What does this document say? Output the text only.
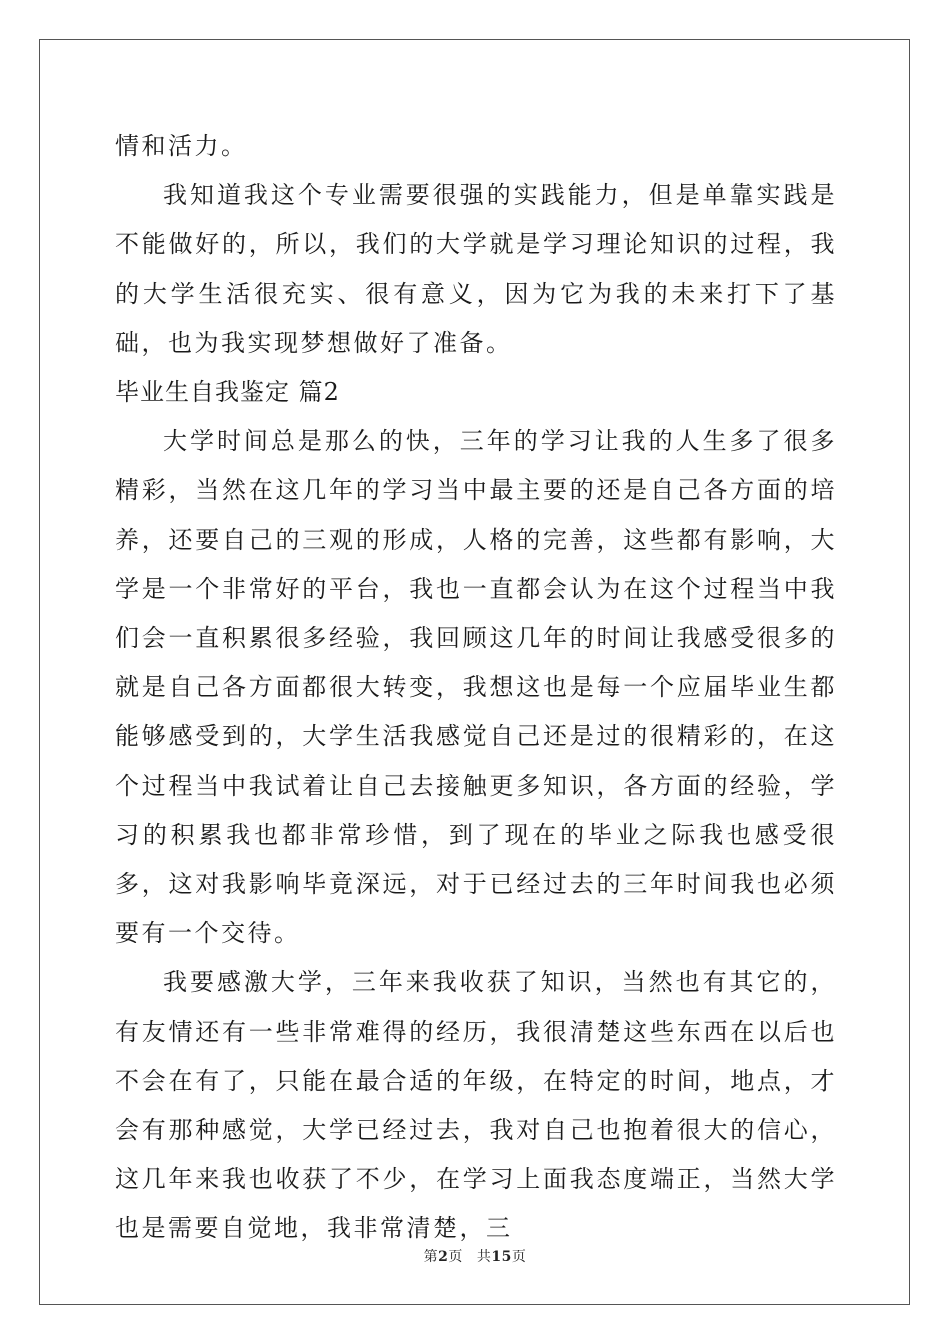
情和活力。

我知道我这个专业需要很强的实践能力，但是单靠实践是不能做好的，所以，我们的大学就是学习理论知识的过程，我的大学生活很充实、很有意义，因为它为我的未来打下了基础，也为我实现梦想做好了准备。

毕业生自我鉴定 篇2

大学时间总是那么的快，三年的学习让我的人生多了很多精彩，当然在这几年的学习当中最主要的还是自己各方面的培养，还要自己的三观的形成，人格的完善，这些都有影响，大学是一个非常好的平台，我也一直都会认为在这个过程当中我们会一直积累很多经验，我回顾这几年的时间让我感受很多的就是自己各方面都很大转变，我想这也是每一个应届毕业生都能够感受到的，大学生活我感觉自己还是过的很精彩的，在这个过程当中我试着让自己去接触更多知识，各方面的经验，学习的积累我也都非常珍惜，到了现在的毕业之际我也感受很多，这对我影响毕竟深远，对于已经过去的三年时间我也必须要有一个交待。

我要感激大学，三年来我收获了知识，当然也有其它的，有友情还有一些非常难得的经历，我很清楚这些东西在以后也不会在有了，只能在最合适的年级，在特定的时间，地点，才会有那种感觉，大学已经过去，我对自己也抱着很大的信心，这几年来我也收获了不少，在学习上面我态度端正，当然大学也是需要自觉地，我非常清楚，三

第2页 共15页
